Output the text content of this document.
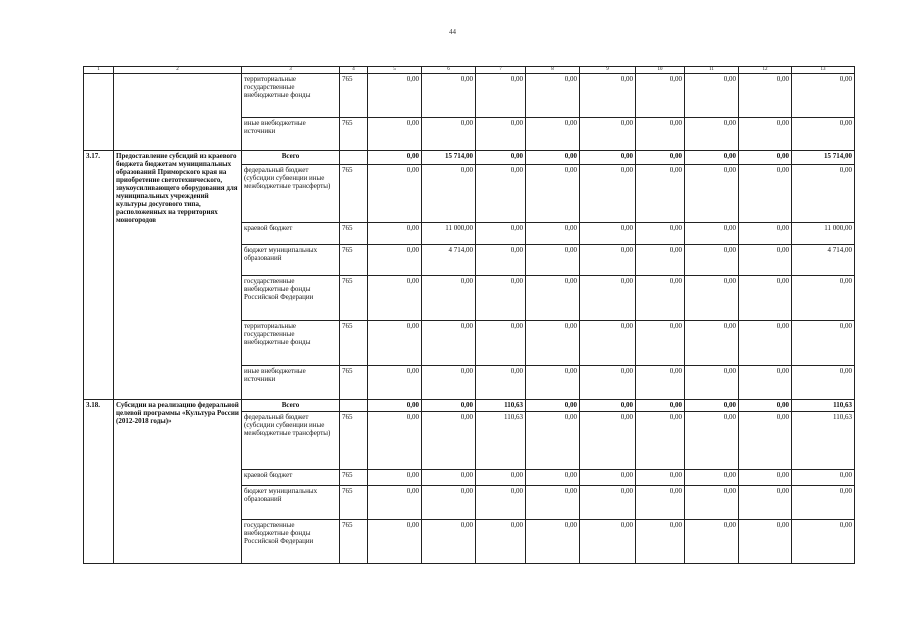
44
1	2	3	4	5	6	7	8	9	10	11	12	13
		территориальные государственные внебюджетные фонды	765	0,00	0,00	0,00	0,00	0,00	0,00	0,00	0,00	0,00
		иные внебюджетные источники	765	0,00	0,00	0,00	0,00	0,00	0,00	0,00	0,00	0,00
3.17.	Предоставление субсидий из краевого бюджета бюджетам муниципальных образований Приморского края на приобретение светотехнического, звукоусиливающего оборудования для муниципальных учреждений культуры досугового типа, расположенных на территориях моногородов	Всего		0,00	15 714,00	0,00	0,00	0,00	0,00	0,00	0,00	15 714,00
		федеральный бюджет (субсидии субвенции иные межбюджетные трансферты)	765	0,00	0,00	0,00	0,00	0,00	0,00	0,00	0,00	0,00
		краевой бюджет	765	0,00	11 000,00	0,00	0,00	0,00	0,00	0,00	0,00	11 000,00
		бюджет муниципальных образований	765	0,00	4 714,00	0,00	0,00	0,00	0,00	0,00	0,00	4 714,00
		государственные внебюджетные фонды Российской Федерации	765	0,00	0,00	0,00	0,00	0,00	0,00	0,00	0,00	0,00
		территориальные государственные внебюджетные фонды	765	0,00	0,00	0,00	0,00	0,00	0,00	0,00	0,00	0,00
		иные внебюджетные источники	765	0,00	0,00	0,00	0,00	0,00	0,00	0,00	0,00	0,00
3.18.	Субсидии на реализацию федеральной целевой программы «Культура России (2012-2018 годы)»	Всего		0,00	0,00	110,63	0,00	0,00	0,00	0,00	0,00	110,63
		федеральный бюджет (субсидии субвенции иные межбюджетные трансферты)	765	0,00	0,00	110,63	0,00	0,00	0,00	0,00	0,00	110,63
		краевой бюджет	765	0,00	0,00	0,00	0,00	0,00	0,00	0,00	0,00	0,00
		бюджет муниципальных образований	765	0,00	0,00	0,00	0,00	0,00	0,00	0,00	0,00	0,00
		государственные внебюджетные фонды Российской Федерации	765	0,00	0,00	0,00	0,00	0,00	0,00	0,00	0,00	0,00
